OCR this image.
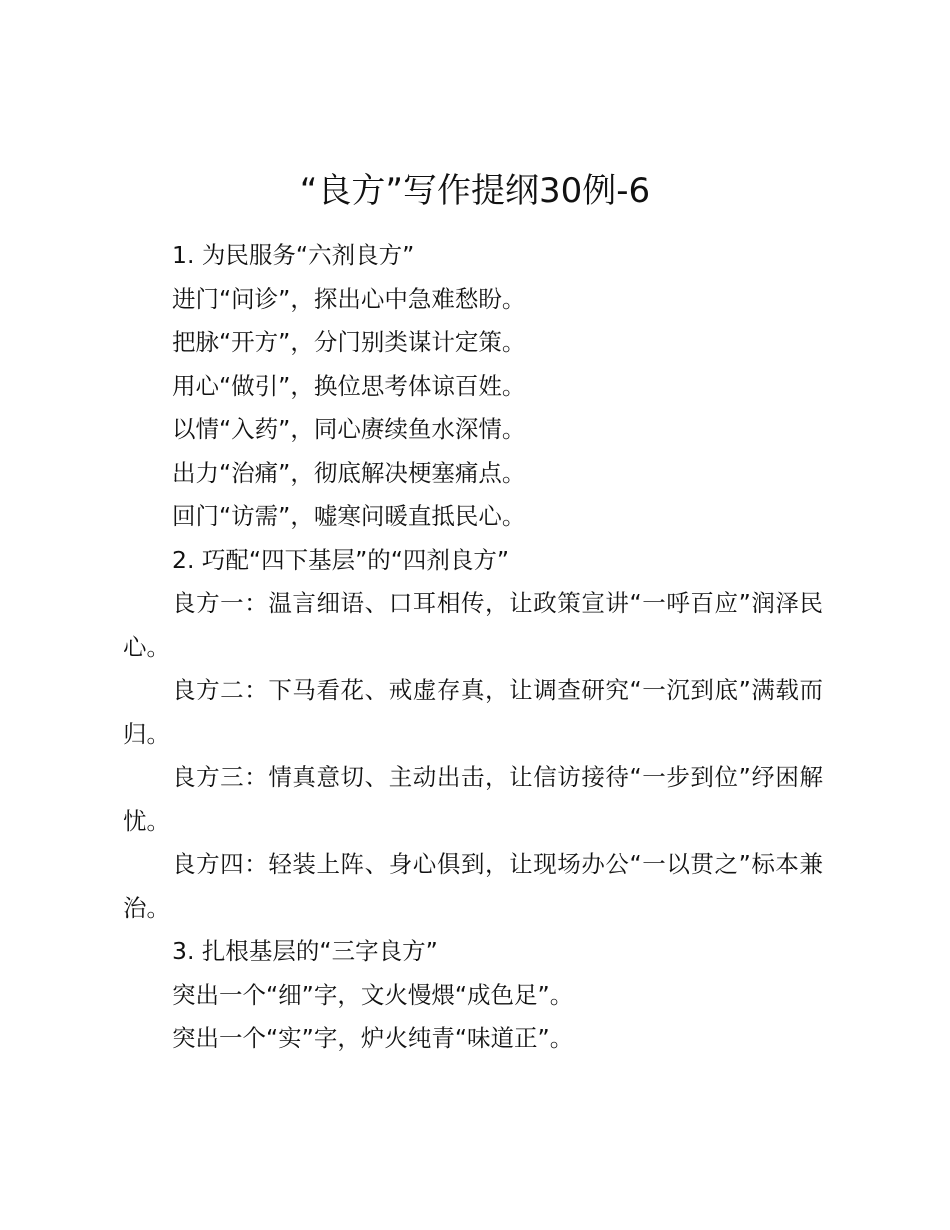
“良方”写作提纲30例-6

1. 为民服务“六剂良方”

进门“问诊”，探出心中急难愁盼。

把脉“开方”，分门别类谋计定策。

用心“做引”，换位思考体谅百姓。

以情“入药”，同心赓续鱼水深情。

出力“治痛”，彻底解决梗塞痛点。

回门“访需”，嘘寒问暖直抵民心。

2. 巧配“四下基层”的“四剂良方”

良方一：温言细语、口耳相传，让政策宣讲“一呼百应”润泽民心。

良方二：下马看花、戒虚存真，让调查研究“一沉到底”满载而归。

良方三：情真意切、主动出击，让信访接待“一步到位”纾困解忧。

良方四：轻装上阵、身心俱到，让现场办公“一以贯之”标本兼治。

3. 扎根基层的“三字良方”

突出一个“细”字，文火慢煨“成色足”。

突出一个“实”字，炉火纯青“味道正”。
